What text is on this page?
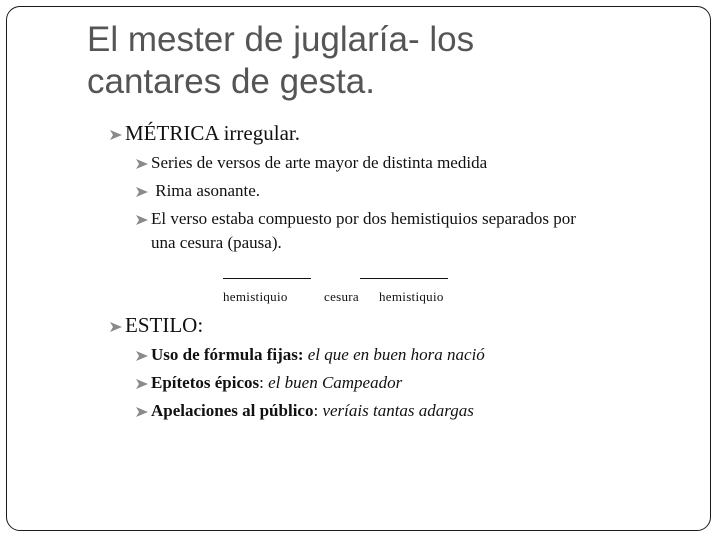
El mester de juglaría- los
cantares de gesta.
MÉTRICA irregular.
Series de versos de arte mayor de distinta medida
Rima asonante.
El verso estaba compuesto por dos hemistiquios separados por
una cesura (pausa).
hemistiquio	cesura hemistiquio
ESTILO:
Uso de fórmula fijas: el que en buen hora nació
Epítetos épicos: el buen Campeador
Apelaciones al público: veríais tantas adargas
